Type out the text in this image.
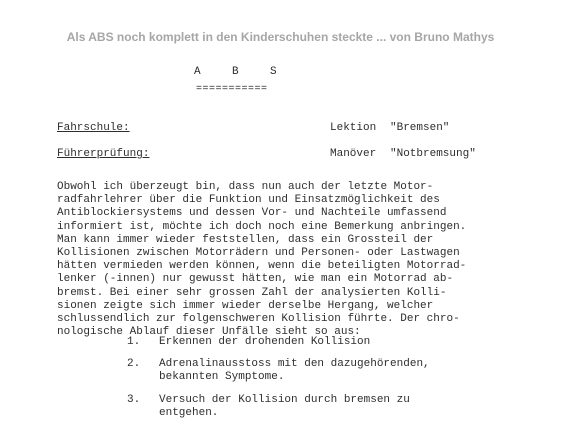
Als ABS noch komplett in den Kinderschuhen steckte ... von Bruno Mathys
A	B	S
===========
Fahrschule:	Lektion "Bremsen"
Führerprüfung:	Manöver "Notbremsung"
Obwohl ich überzeugt bin, dass nun auch der letzte Motor-
radfahrlehrer über die Funktion und Einsatzmöglichkeit des
Antiblockiersystems und dessen Vor- und Nachteile umfassend
informiert ist, möchte ich doch noch eine Bemerkung anbringen.
Man kann immer wieder feststellen, dass ein Grossteil der
Kollisionen zwischen Motorrädern und Personen- oder Lastwagen
hätten vermieden werden können, wenn die beteiligten Motorrad-
lenker (-innen) nur gewusst hätten, wie man ein Motorrad ab-
bremst. Bei einer sehr grossen Zahl der analysierten Kolli-
sionen zeigte sich immer wieder derselbe Hergang, welcher
schlussendlich zur folgenschweren Kollision führte. Der chro-
nologische Ablauf dieser Unfälle sieht so aus:
1. Erkennen der drohenden Kollision
2. Adrenalinausstoss mit den dazugehörenden,
bekannten Symptome.
3. Versuch der Kollision durch bremsen zu
entgehen.
